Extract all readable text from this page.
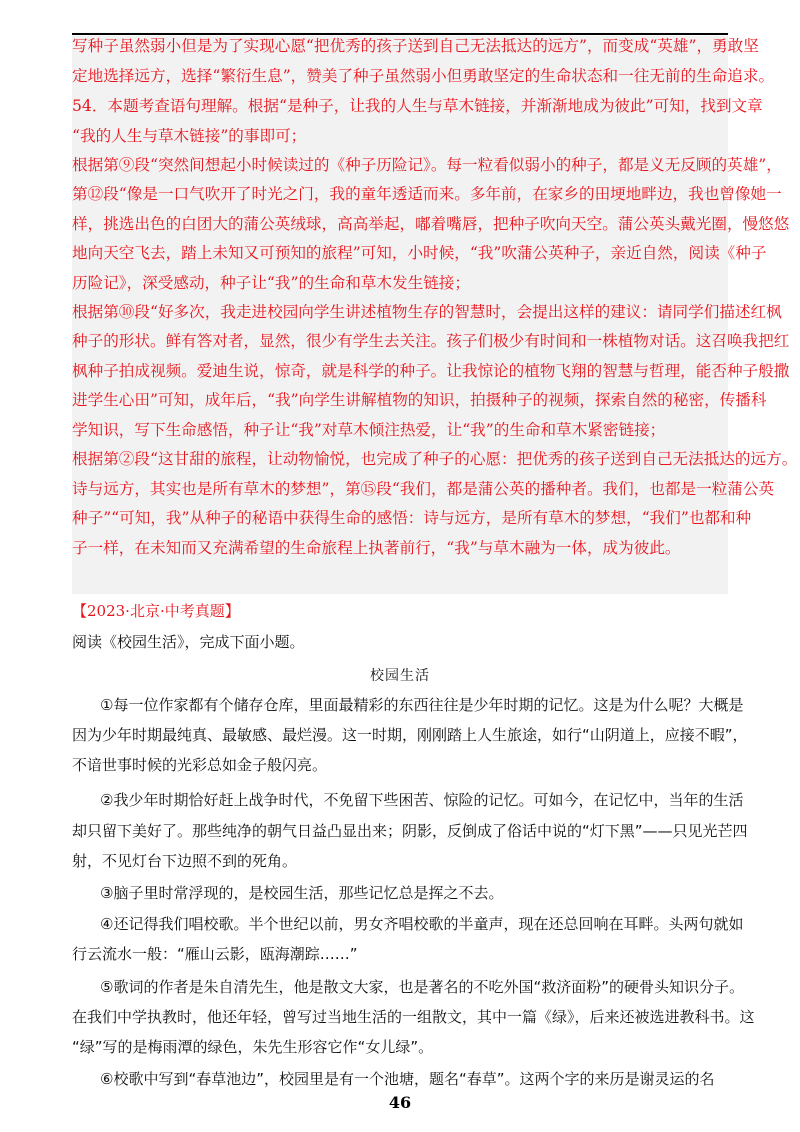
写种子虽然弱小但是为了实现心愿“把优秀的孩子送到自己无法抵达的远方”，而变成“英雄”，勇敢坚
定地选择远方，选择“繁衍生息”，赞美了种子虽然弱小但勇敢坚定的生命状态和一往无前的生命追求。
54．本题考查语句理解。根据“是种子，让我的人生与草木链接，并渐渐地成为彼此”可知，找到文章
“我的人生与草木链接”的事即可；
根据第⑨段“突然间想起小时候读过的《种子历险记》。每一粒看似弱小的种子，都是义无反顾的英雄”，
第⑫段“像是一口气吹开了时光之门，我的童年透适而来。多年前，在家乡的田埂地畔边，我也曾像她一
样，挑选出色的白团大的蒲公英绒球，高高举起，嘟着嘴唇，把种子吹向天空。蒲公英头戴光圈，慢悠悠
地向天空飞去，踏上未知又可预知的旅程”可知，小时候，“我”吹蒲公英种子，亲近自然，阅读《种子
历险记》，深受感动，种子让“我”的生命和草木发生链接；
根据第⑩段“好多次，我走进校园向学生讲述植物生存的智慧时，会提出这样的建议：请同学们描述红枫
种子的形状。鲜有答对者，显然，很少有学生去关注。孩子们极少有时间和一株植物对话。这召唤我把红
枫种子拍成视频。爱迪生说，惊奇，就是科学的种子。让我惊论的植物飞翔的智慧与哲理，能否种子般撒
进学生心田”可知，成年后，“我”向学生讲解植物的知识，拍摄种子的视频，探索自然的秘密，传播科
学知识，写下生命感悟，种子让“我”对草木倾注热爱，让“我”的生命和草木紧密链接；
根据第②段“这甘甜的旅程，让动物愉悦，也完成了种子的心愿：把优秀的孩子送到自己无法抵达的远方。
诗与远方，其实也是所有草木的梦想”，第⑮段“我们，都是蒲公英的播种者。我们，也都是一粒蒲公英
种子”“可知，我”从种子的秘语中获得生命的感悟：诗与远方，是所有草木的梦想，“我们”也都和种
子一样，在未知而又充满希望的生命旅程上执著前行，“我”与草木融为一体，成为彼此。
【2023·北京·中考真题】
阅读《校园生活》，完成下面小题。
校园生活
①每一位作家都有个储存仓库，里面最精彩的东西往往是少年时期的记忆。这是为什么呢？大概是
因为少年时期最纯真、最敏感、最烂漫。这一时期，刚刚踏上人生旅途，如行“山阴道上，应接不暇”，
不谙世事时候的光彩总如金子般闪亮。
②我少年时期恰好赶上战争时代，不免留下些困苦、惊险的记忆。可如今，在记忆中，当年的生活
却只留下美好了。那些纯净的朝气日益凸显出来；阴影，反倒成了俗话中说的“灯下黑”——只见光芒四
射，不见灯台下边照不到的死角。
③脑子里时常浮现的，是校园生活，那些记忆总是挥之不去。
④还记得我们唱校歌。半个世纪以前，男女齐唱校歌的半童声，现在还总回响在耳畔。头两句就如
行云流水一般：“雁山云影，瓯海潮踪……”
⑤歌词的作者是朱自清先生，他是散文大家，也是著名的不吃外国“救济面粉”的硬骨头知识分子。
在我们中学执教时，他还年轻，曾写过当地生活的一组散文，其中一篇《绿》，后来还被选进教科书。这
“绿”写的是梅雨潭的绿色，朱先生形容它作“女儿绿”。
⑥校歌中写到“春草池边”，校园里是有一个池塘，题名“春草”。这两个字的来历是谢灵运的名
46
